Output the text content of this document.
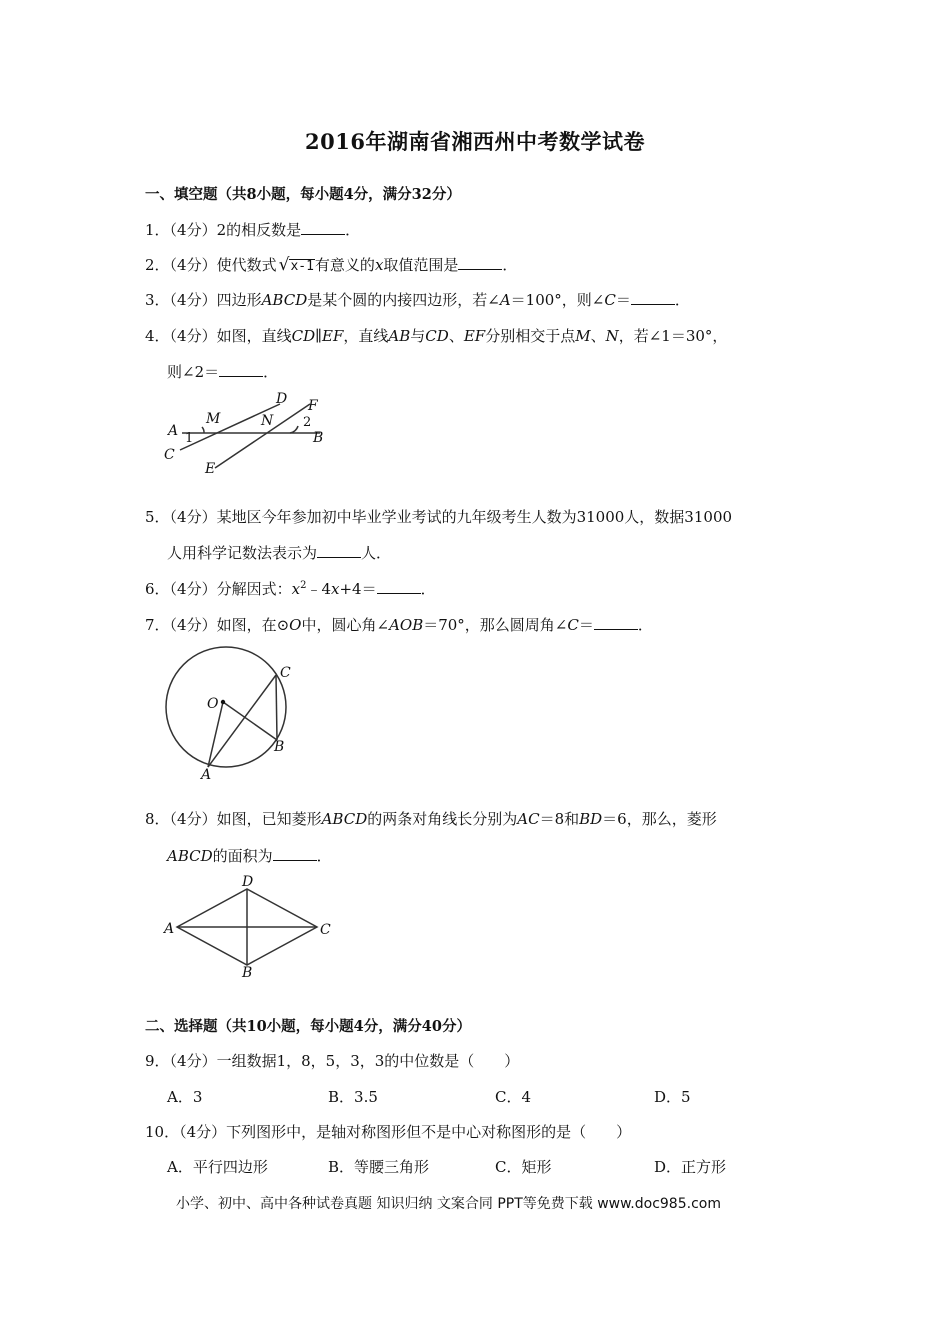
2016年湖南省湘西州中考数学试卷
一、填空题（共8小题，每小题4分，满分32分）
1．（4分）2的相反数是	．
2．（4分）使代数式 √x-1有意义的x取值范围是	．
3．（4分）四边形ABCD是某个圆的内接四边形，若∠A＝100°，则∠C＝	．
4．（4分）如图，直线CD∥EF，直线AB与CD、EF分别相交于点M、N，若∠1＝30°，
则∠2＝	．
A
M
D F
N
B
C
E
1
2
5．（4分）某地区今年参加初中毕业学业考试的九年级考生人数为31000人，数据31000
人用科学记数法表示为	人．
6．（4分）分解因式：$x^2﹣4x+4=$	．
7．（4分）如图，在⊙O中，圆心角∠AOB＝70°，那么圆周角∠C＝	．
O
C
B
A
8．（4分）如图，已知菱形ABCD的两条对角线长分别为AC＝8和BD＝6，那么，菱形
ABCD的面积为	．
D
A	C
B
二、选择题（共10小题，每小题4分，满分40分）
9．（4分）一组数据1，8，5，3，3的中位数是（　　）
A．3	B．3.5	C．4	D．5
10．（4分）下列图形中，是轴对称图形但不是中心对称图形的是（　　）
A．平行四边形	B．等腰三角形	C．矩形	D．正方形
小学、初中、高中各种试卷真题 知识归纳 文案合同 PPT等免费下载 www.doc985.com
